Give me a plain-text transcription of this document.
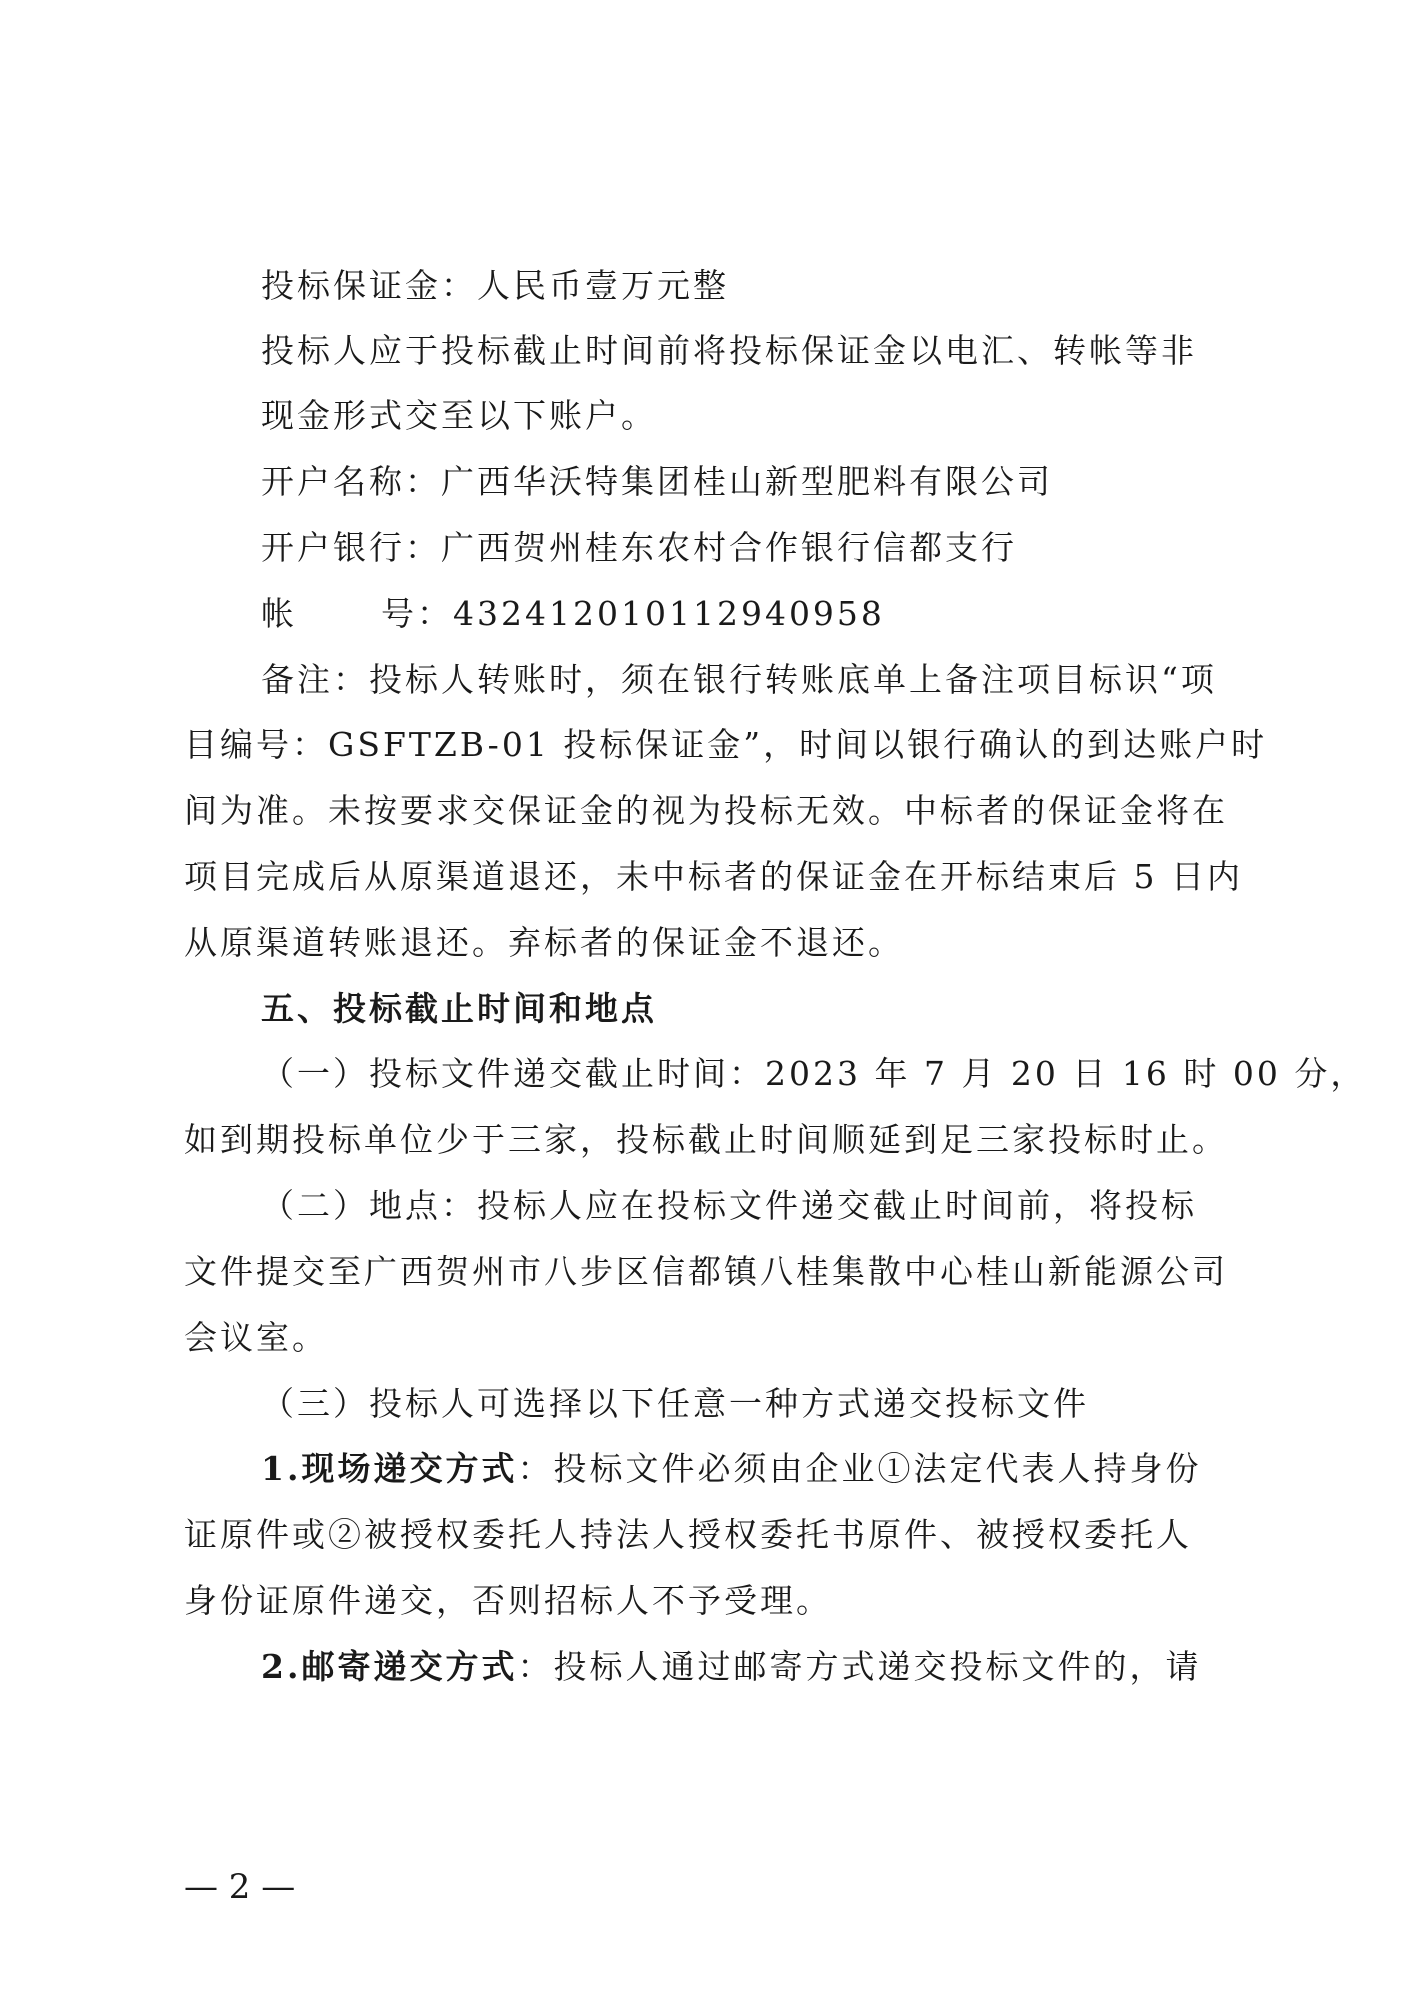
投标保证金：人民币壹万元整
投标人应于投标截止时间前将投标保证金以电汇、转帐等非
现金形式交至以下账户。
开户名称：广西华沃特集团桂山新型肥料有限公司
开户银行：广西贺州桂东农村合作银行信都支行
帐	号：432412010112940958
备注：投标人转账时，须在银行转账底单上备注项目标识“项
目编号：GSFTZB-01 投标保证金”，时间以银行确认的到达账户时
间为准。未按要求交保证金的视为投标无效。中标者的保证金将在
项目完成后从原渠道退还，未中标者的保证金在开标结束后 5 日内
从原渠道转账退还。弃标者的保证金不退还。
五、投标截止时间和地点
（一）投标文件递交截止时间：2023 年 7 月 20 日 16 时 00 分，
如到期投标单位少于三家，投标截止时间顺延到足三家投标时止。
（二）地点：投标人应在投标文件递交截止时间前，将投标
文件提交至广西贺州市八步区信都镇八桂集散中心桂山新能源公司
会议室。
（三）投标人可选择以下任意一种方式递交投标文件
1.现场递交方式：投标文件必须由企业①法定代表人持身份
证原件或②被授权委托人持法人授权委托书原件、被授权委托人
身份证原件递交，否则招标人不予受理。
2.邮寄递交方式：投标人通过邮寄方式递交投标文件的，请
— 2 —
